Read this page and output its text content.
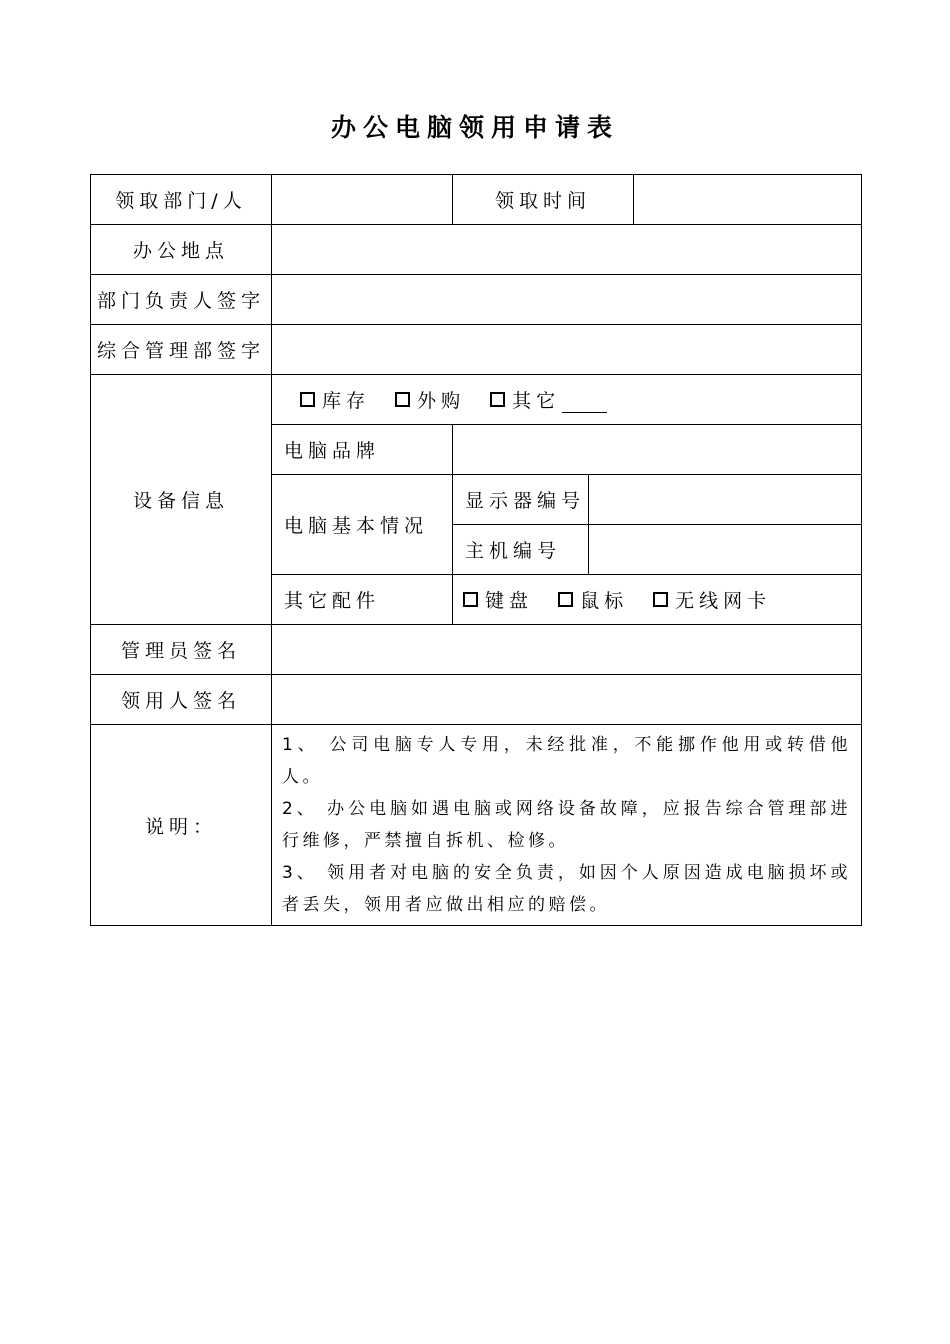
办公电脑领用申请表
领取部门/人		领取时间		
办公地点				
部门负责人签字				
综合管理部签字				
设备信息	库存 外购 其它			

	电脑品牌			
	电脑基本情况	显示器编号		
		主机编号		
	其它配件	键盘 鼠标 无线网卡		
管理员签名				
领用人签名				
说明：	1、 公司电脑专人专用，未经批准，不能挪作他用或转借他人。
2、 办公电脑如遇电脑或网络设备故障，应报告综合管理部进行维修，严禁擅自拆机、检修。
3、 领用者对电脑的安全负责，如因个人原因造成电脑损坏或者丢失，领用者应做出相应的赔偿。			
